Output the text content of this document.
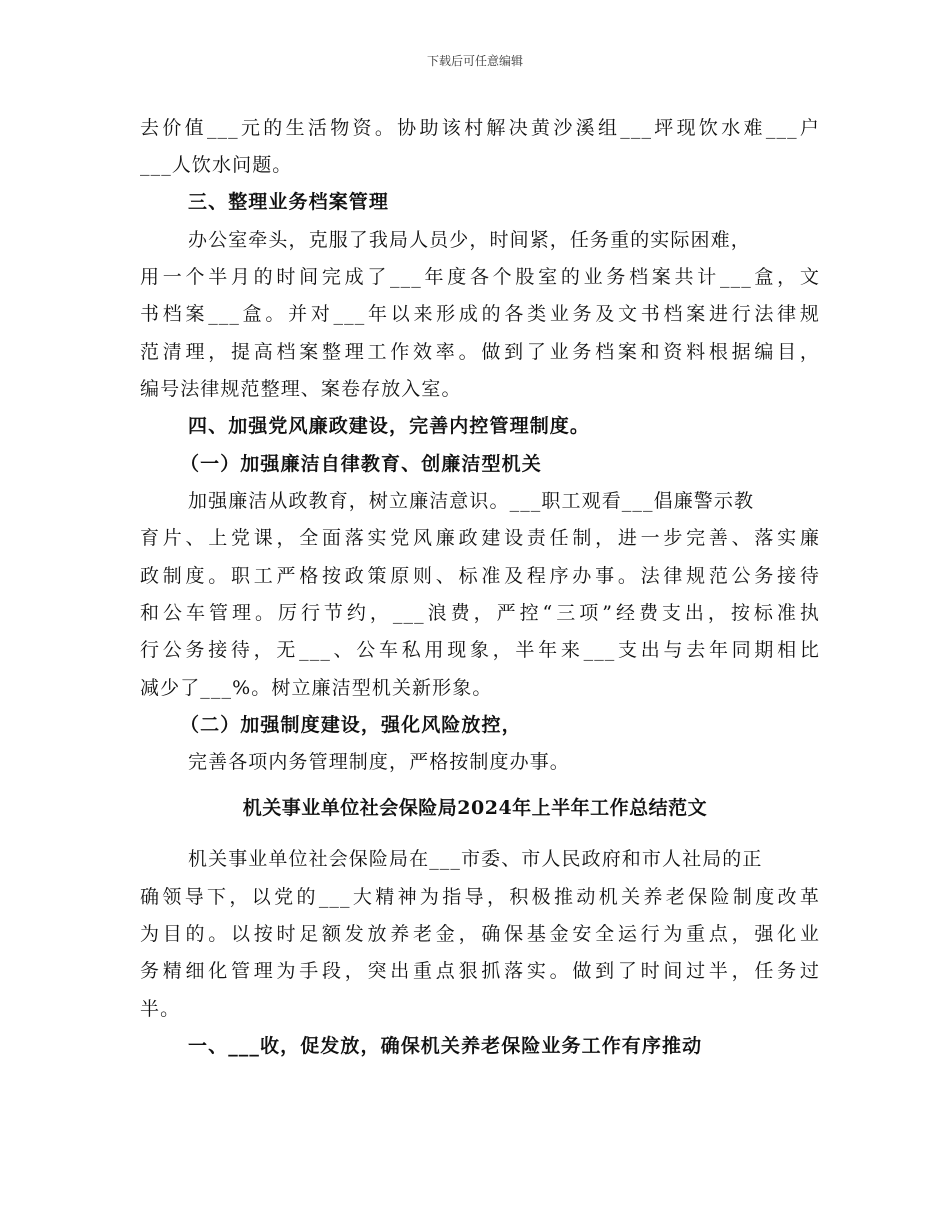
下载后可任意编辑
去价值___元的生活物资。协助该村解决黄沙溪组___坪现饮水难___户
___人饮水问题。
三、整理业务档案管理
办公室牵头，克服了我局人员少，时间紧，任务重的实际困难，
用一个半月的时间完成了___年度各个股室的业务档案共计___盒，文
书档案___盒。并对___年以来形成的各类业务及文书档案进行法律规
范清理，提高档案整理工作效率。做到了业务档案和资料根据编目，
编号法律规范整理、案卷存放入室。
四、加强党风廉政建设，完善内控管理制度。
（一）加强廉洁自律教育、创廉洁型机关
加强廉洁从政教育，树立廉洁意识。___职工观看___倡廉警示教
育片、上党课，全面落实党风廉政建设责任制，进一步完善、落实廉
政制度。职工严格按政策原则、标准及程序办事。法律规范公务接待
和公车管理。厉行节约，___浪费，严控“三项”经费支出，按标准执
行公务接待，无___、公车私用现象，半年来___支出与去年同期相比
减少了___%。树立廉洁型机关新形象。
（二）加强制度建设，强化风险放控，
完善各项内务管理制度，严格按制度办事。
机关事业单位社会保险局2024年上半年工作总结范文
机关事业单位社会保险局在___市委、市人民政府和市人社局的正
确领导下，以党的___大精神为指导，积极推动机关养老保险制度改革
为目的。以按时足额发放养老金，确保基金安全运行为重点，强化业
务精细化管理为手段，突出重点狠抓落实。做到了时间过半，任务过
半。
一、___收，促发放，确保机关养老保险业务工作有序推动
